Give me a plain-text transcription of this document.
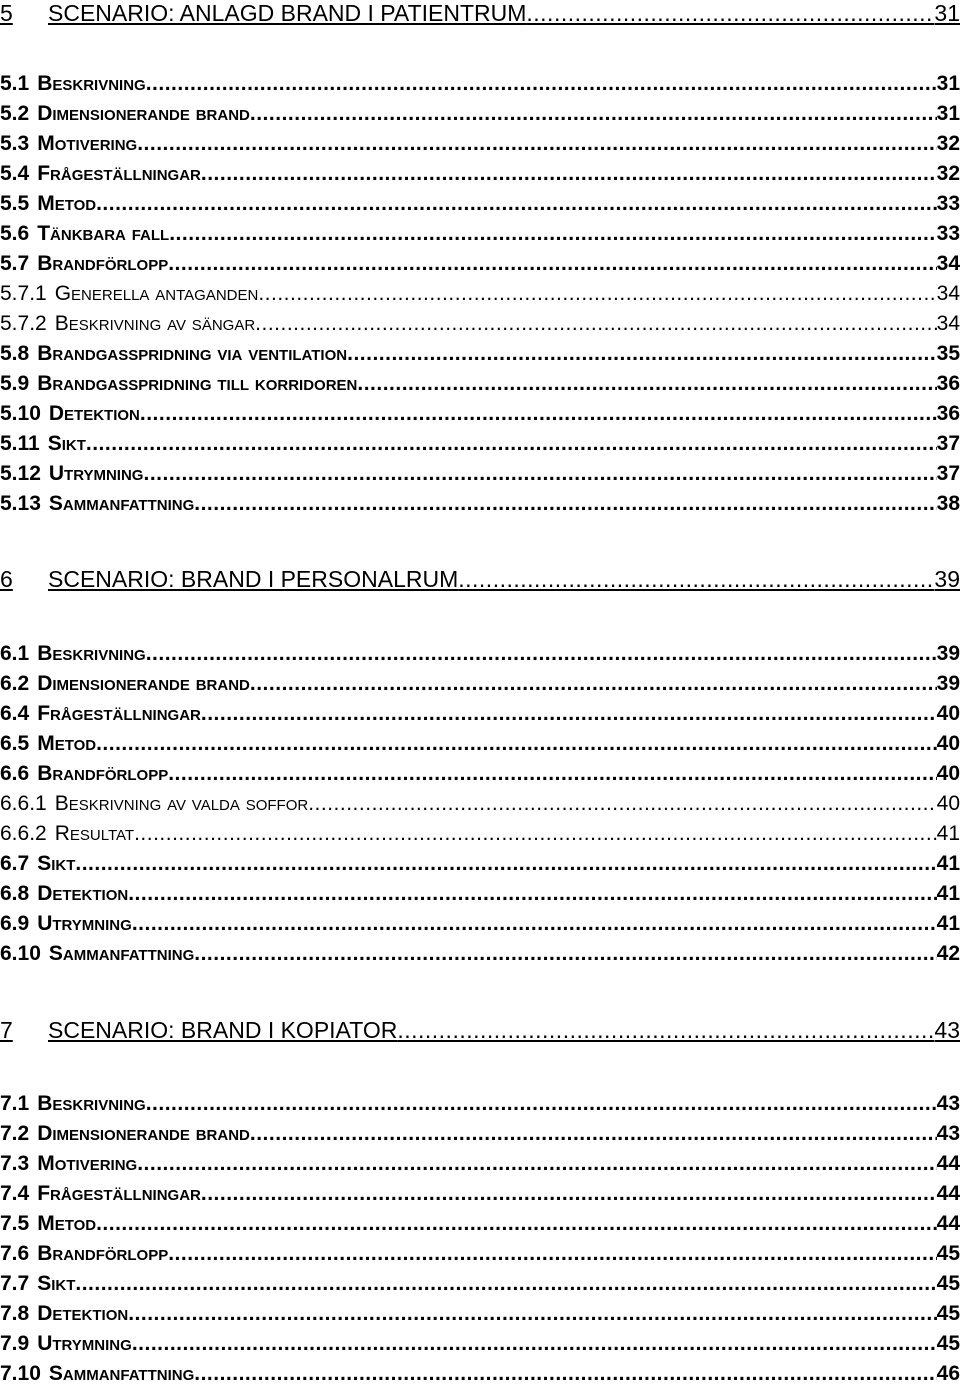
5	SCENARIO: ANLAGD BRAND I PATIENTRUM .....	31
5.1 Beskrivning .....	31
5.2 Dimensionerande brand .....	31
5.3 Motivering .....	32
5.4 Frågeställningar .....	32
5.5 Metod .....	33
5.6 Tänkbara fall .....	33
5.7 Brandförlopp .....	34
5.7.1 Generella antaganden .....	34
5.7.2 Beskrivning av sängar .....	34
5.8 Brandgasspridning via ventilation .....	35
5.9 Brandgasspridning till korridoren .....	36
5.10 Detektion .....	36
5.11 Sikt .....	37
5.12 Utrymning .....	37
5.13 Sammanfattning .....	38
6	SCENARIO: BRAND I PERSONALRUM .....	39
6.1 Beskrivning .....	39
6.2 Dimensionerande brand .....	39
6.4 Frågeställningar .....	40
6.5 Metod .....	40
6.6 Brandförlopp .....	40
6.6.1 Beskrivning av valda soffor .....	40
6.6.2 Resultat .....	41
6.7 Sikt .....	41
6.8 Detektion .....	41
6.9 Utrymning .....	41
6.10 Sammanfattning .....	42
7	SCENARIO: BRAND I KOPIATOR .....	43
7.1 Beskrivning .....	43
7.2 Dimensionerande brand .....	43
7.3 Motivering .....	44
7.4 Frågeställningar .....	44
7.5 Metod .....	44
7.6 Brandförlopp .....	45
7.7 Sikt .....	45
7.8 Detektion .....	45
7.9 Utrymning .....	45
7.10 Sammanfattning .....	46
